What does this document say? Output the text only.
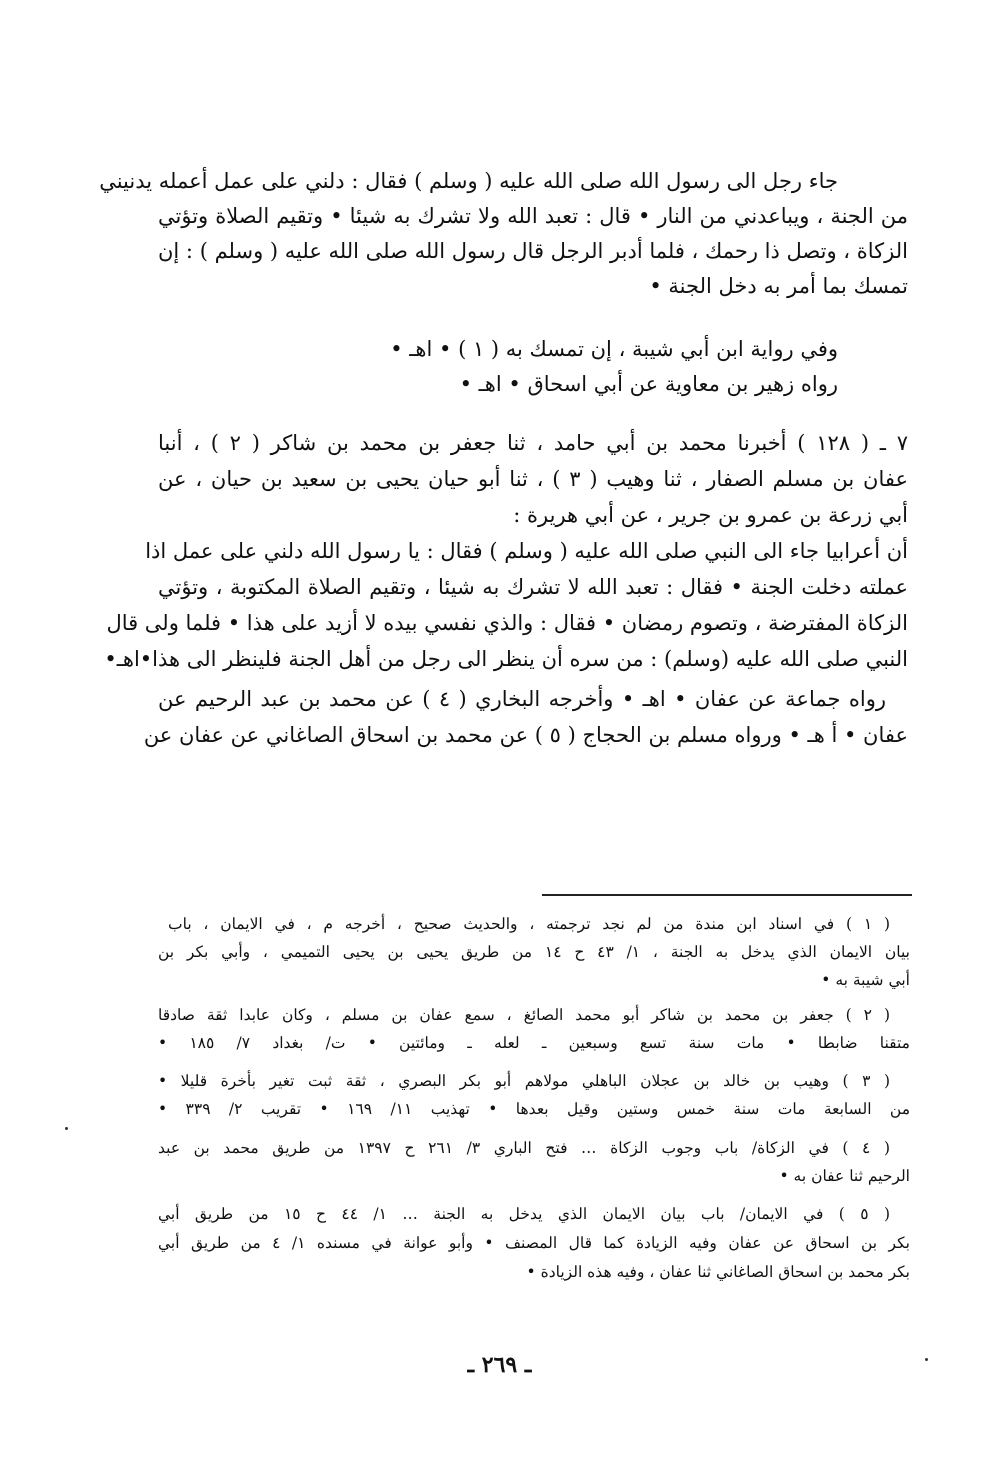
جاء رجل الى رسول الله صلى الله عليه ( وسلم ) فقال : دلني على عمل أعمله يدنيني
من الجنة ، ويباعدني من النار • قال : تعبد الله ولا تشرك به شيئا • وتقيم الصلاة وتؤتي
الزكاة ، وتصل ذا رحمك ، فلما أدبر الرجل قال رسول الله صلى الله عليه ( وسلم ) : إن
تمسك بما أمر به دخل الجنة •
وفي رواية ابن أبي شيبة ، إن تمسك به ( ١ ) • اهـ •
رواه زهير بن معاوية عن أبي اسحاق • اهـ •
٧ ـ ( ١٢٨ ) أخبرنا محمد بن أبي حامد ، ثنا جعفر بن محمد بن شاكر ( ٢ ) ، أنبا
عفان بن مسلم الصفار ، ثنا وهيب ( ٣ ) ، ثنا أبو حيان يحيى بن سعيد بن حيان ، عن
أبي زرعة بن عمرو بن جرير ، عن أبي هريرة :
أن أعرابيا جاء الى النبي صلى الله عليه ( وسلم ) فقال : يا رسول الله دلني على عمل اذا
عملته دخلت الجنة • فقال : تعبد الله لا تشرك به شيئا ، وتقيم الصلاة المكتوبة ، وتؤتي
الزكاة المفترضة ، وتصوم رمضان • فقال : والذي نفسي بيده لا أزيد على هذا • فلما ولى قال
النبي صلى الله عليه (وسلم) : من سره أن ينظر الى رجل من أهل الجنة فلينظر الى هذا•اهـ•
رواه جماعة عن عفان • اهـ • وأخرجه البخاري ( ٤ ) عن محمد بن عبد الرحيم عن
عفان • أ هـ • ورواه مسلم بن الحجاج ( ٥ ) عن محمد بن اسحاق الصاغاني عن عفان عن
( ١ ) في اسناد ابن مندة من لم نجد ترجمته ، والحديث صحيح ، أخرجه م ، في الايمان ، باب
بيان الايمان الذي يدخل به الجنة ، ١/ ٤٣ ح ١٤ من طريق يحيى بن يحيى التميمي ، وأبي بكر بن
أبي شيبة به •
( ٢ ) جعفر بن محمد بن شاكر أبو محمد الصائغ ، سمع عفان بن مسلم ، وكان عابدا ثقة صادقا
متقنا ضابطا • مات سنة تسع وسبعين ـ لعله ـ ومائتين • ت/ بغداد ٧/ ١٨٥ •
( ٣ ) وهيب بن خالد بن عجلان الباهلي مولاهم أبو بكر البصري ، ثقة ثبت تغير بأخرة قليلا •
من السابعة مات سنة خمس وستين وقيل بعدها • تهذيب ١١/ ١٦٩ • تقريب ٢/ ٣٣٩ •
( ٤ ) في الزكاة/ باب وجوب الزكاة … فتح الباري ٣/ ٢٦١ ح ١٣٩٧ من طريق محمد بن عبد
الرحيم ثنا عفان به •
( ٥ ) في الايمان/ باب بيان الايمان الذي يدخل به الجنة … ١/ ٤٤ ح ١٥ من طريق أبي
بكر بن اسحاق عن عفان وفيه الزيادة كما قال المصنف • وأبو عوانة في مسنده ١/ ٤ من طريق أبي
بكر محمد بن اسحاق الصاغاني ثنا عفان ، وفيه هذه الزيادة •
ـ ٢٦٩ ـ
